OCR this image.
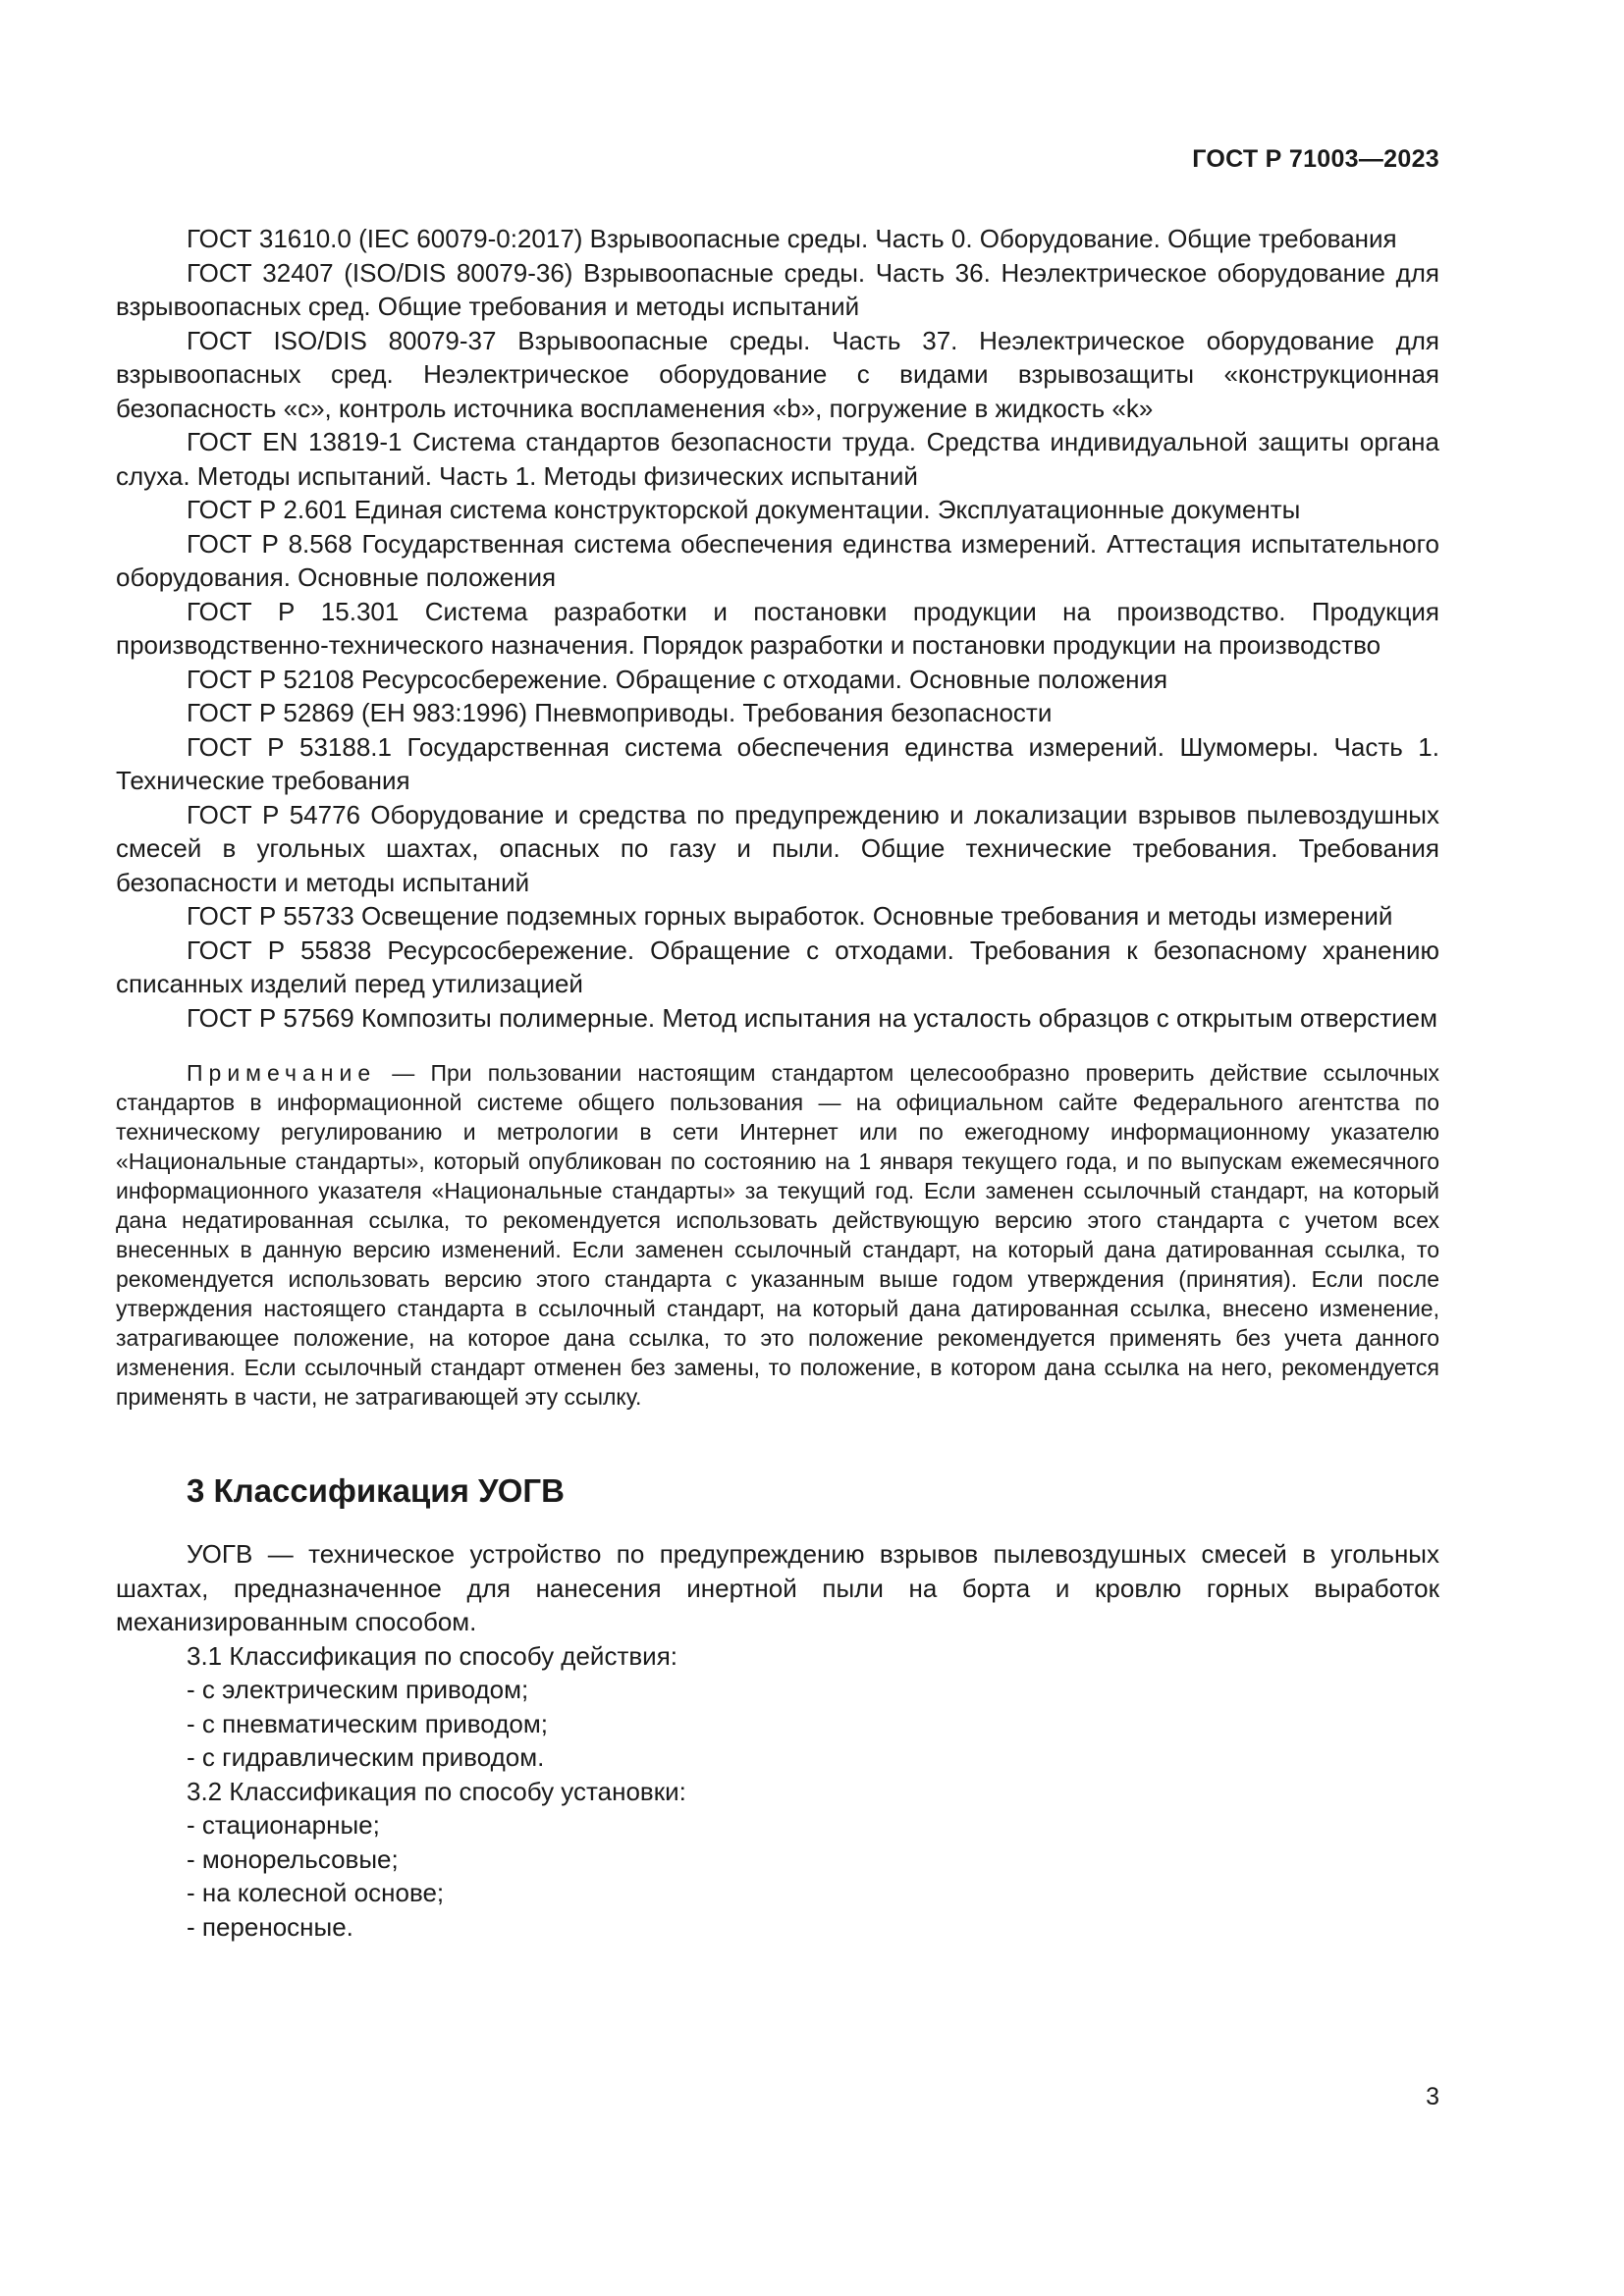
ГОСТ Р 71003—2023

ГОСТ 31610.0 (IEC 60079-0:2017) Взрывоопасные среды. Часть 0. Оборудование. Общие требования

ГОСТ 32407 (ISO/DIS 80079-36) Взрывоопасные среды. Часть 36. Неэлектрическое оборудование для взрывоопасных сред. Общие требования и методы испытаний

ГОСТ ISO/DIS 80079-37 Взрывоопасные среды. Часть 37. Неэлектрическое оборудование для взрывоопасных сред. Неэлектрическое оборудование с видами взрывозащиты «конструкционная безопасность «с», контроль источника воспламенения «b», погружение в жидкость «k»

ГОСТ EN 13819-1 Система стандартов безопасности труда. Средства индивидуальной защиты органа слуха. Методы испытаний. Часть 1. Методы физических испытаний

ГОСТ Р 2.601 Единая система конструкторской документации. Эксплуатационные документы

ГОСТ Р 8.568 Государственная система обеспечения единства измерений. Аттестация испытательного оборудования. Основные положения

ГОСТ Р 15.301 Система разработки и постановки продукции на производство. Продукция производственно-технического назначения. Порядок разработки и постановки продукции на производство

ГОСТ Р 52108 Ресурсосбережение. Обращение с отходами. Основные положения

ГОСТ Р 52869 (ЕН 983:1996) Пневмоприводы. Требования безопасности

ГОСТ Р 53188.1 Государственная система обеспечения единства измерений. Шумомеры. Часть 1. Технические требования

ГОСТ Р 54776 Оборудование и средства по предупреждению и локализации взрывов пылевоздушных смесей в угольных шахтах, опасных по газу и пыли. Общие технические требования. Требования безопасности и методы испытаний

ГОСТ Р 55733 Освещение подземных горных выработок. Основные требования и методы измерений

ГОСТ Р 55838 Ресурсосбережение. Обращение с отходами. Требования к безопасному хранению списанных изделий перед утилизацией

ГОСТ Р 57569 Композиты полимерные. Метод испытания на усталость образцов с открытым отверстием

Примечание — При пользовании настоящим стандартом целесообразно проверить действие ссылочных стандартов в информационной системе общего пользования — на официальном сайте Федерального агентства по техническому регулированию и метрологии в сети Интернет или по ежегодному информационному указателю «Национальные стандарты», который опубликован по состоянию на 1 января текущего года, и по выпускам ежемесячного информационного указателя «Национальные стандарты» за текущий год. Если заменен ссылочный стандарт, на который дана недатированная ссылка, то рекомендуется использовать действующую версию этого стандарта с учетом всех внесенных в данную версию изменений. Если заменен ссылочный стандарт, на который дана датированная ссылка, то рекомендуется использовать версию этого стандарта с указанным выше годом утверждения (принятия). Если после утверждения настоящего стандарта в ссылочный стандарт, на который дана датированная ссылка, внесено изменение, затрагивающее положение, на которое дана ссылка, то это положение рекомендуется применять без учета данного изменения. Если ссылочный стандарт отменен без замены, то положение, в котором дана ссылка на него, рекомендуется применять в части, не затрагивающей эту ссылку.
3 Классификация УОГВ

УОГВ — техническое устройство по предупреждению взрывов пылевоздушных смесей в угольных шахтах, предназначенное для нанесения инертной пыли на борта и кровлю горных выработок механизированным способом.

3.1 Классификация по способу действия:

- с электрическим приводом;

- с пневматическим приводом;

- с гидравлическим приводом.

3.2 Классификация по способу установки:

- стационарные;

- монорельсовые;

- на колесной основе;

- переносные.

3
